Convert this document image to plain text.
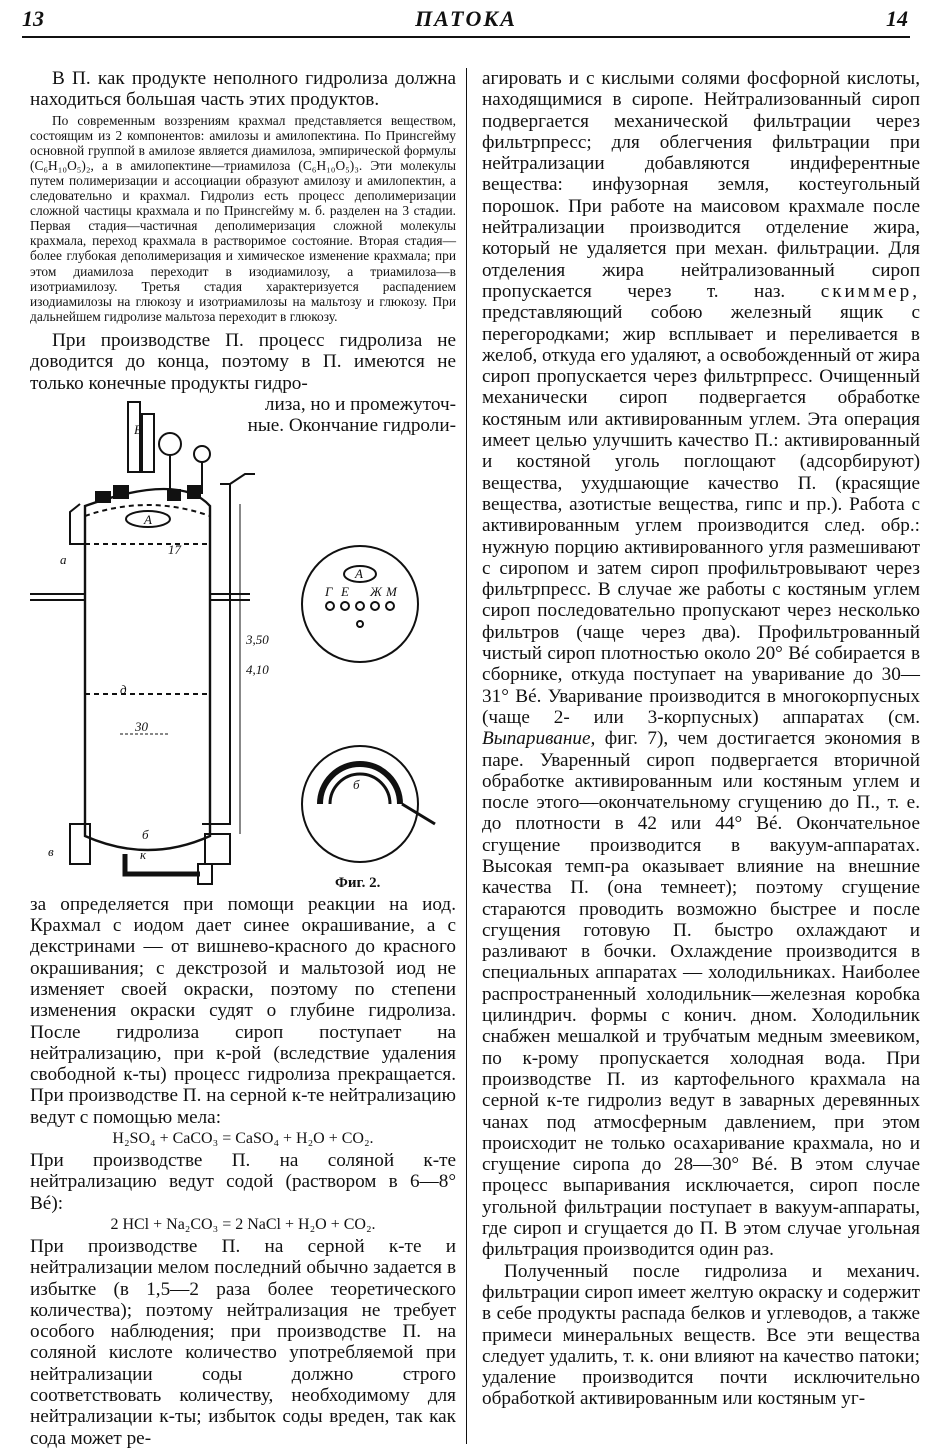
13	ПАТОКА	14

В П. как продукте неполного гидролиза должна находиться большая часть этих продуктов.

По современным воззрениям крахмал представляется веществом, состоящим из 2 компонентов: амилозы и амилопектина. По Принсгейму основной группой в амилозе является диамилоза, эмпирической формулы (C₆H₁₀O₅)₂, а в амилопектине—триамилоза (C₆H₁₀O₅)₃. Эти молекулы путем полимеризации и ассоциации образуют амилозу и амилопектин, а следовательно и крахмал. Гидролиз есть процесс деполимеризации сложной частицы крахмала и по Принсгейму м. б. разделен на 3 стадии. Первая стадия—частичная деполимеризация сложной молекулы крахмала, переход крахмала в растворимое состояние. Вторая стадия—более глубокая деполимеризация и химическое изменение крахмала; при этом диамилоза переходит в изодиамилозу, а триамилоза—в изотриамилозу. Третья стадия характеризуется распадением изодиамилозы на глюкозу и изотриамилозы на мальтозу и глюкозу. При дальнейшем гидролизе мальтоза переходит в глюкозу.

При производстве П. процесс гидролиза не доводится до конца, поэтому в П. имеются не только конечные продукты гидро-

лиза, но и промежуточ-
ные. Окончание гидроли-
В
А
а
д
б
в	к
17
30
3,50
4,10
А
Г Е Ж М
б
Фиг. 2.

за определяется при помощи реакции на иод. Крахмал с иодом дает синее окрашивание, а с декстринами — от вишнево-красного до красного окрашивания; с декстрозой и мальтозой иод не изменяет своей окраски, поэтому по степени изменения окраски судят о глубине гидролиза. После гидролиза сироп поступает на нейтрализацию, при к-рой (вследствие удаления свободной к-ты) процесс гидролиза прекращается. При производстве П. на серной к-те нейтрализацию ведут с помощью мела:

H₂SO₄ + CaCO₃ = CaSO₄ + H₂O + CO₂.

При производстве П. на соляной к-те нейтрализацию ведут содой (раствором в 6—8° Bé):

2 HCl + Na₂CO₃ = 2 NaCl + H₂O + CO₂.

При производстве П. на серной к-те и нейтрализации мелом последний обычно задается в избытке (в 1,5—2 раза более теоретического количества); поэтому нейтрализация не требует особого наблюдения; при производстве П. на соляной кислоте количество употребляемой при нейтрализации соды должно строго соответствовать количеству, необходимому для нейтрализации к-ты; избыток соды вреден, так как сода может ре-

агировать и с кислыми солями фосфорной кислоты, находящимися в сиропе. Нейтрализованный сироп подвергается механической фильтрации через фильтрпресс; для облегчения фильтрации при нейтрализации добавляются индиферентные вещества: инфузорная земля, костеугольный порошок. При работе на маисовом крахмале после нейтрализации производится отделение жира, который не удаляется при механ. фильтрации. Для отделения жира нейтрализованный сироп пропускается через т. наз. скиммер, представляющий собою железный ящик с перегородками; жир всплывает и переливается в желоб, откуда его удаляют, а освобожденный от жира сироп пропускается через фильтрпресс. Очищенный механически сироп подвергается обработке костяным или активированным углем. Эта операция имеет целью улучшить качество П.: активированный и костяной уголь поглощают (адсорбируют) вещества, ухудшающие качество П. (красящие вещества, азотистые вещества, гипс и пр.). Работа с активированным углем производится след. обр.: нужную порцию активированного угля размешивают с сиропом и затем сироп профильтровывают через фильтрпресс. В случае же работы с костяным углем сироп последовательно пропускают через несколько фильтров (чаще через два). Профильтрованный чистый сироп плотностью около 20° Bé собирается в сборнике, откуда поступает на уваривание до 30—31° Bé. Уваривание производится в многокорпусных (чаще 2- или 3-корпусных) аппаратах (см. Выпаривание, фиг. 7), чем достигается экономия в паре. Уваренный сироп подвергается вторичной обработке активированным или костяным углем и после этого—окончательному сгущению до П., т. е. до плотности в 42 или 44° Bé. Окончательное сгущение производится в вакуум-аппаратах. Высокая темп-ра оказывает влияние на внешние качества П. (она темнеет); поэтому сгущение стараются проводить возможно быстрее и после сгущения готовую П. быстро охлаждают и разливают в бочки. Охлаждение производится в специальных аппаратах — холодильниках. Наиболее распространенный холодильник—железная коробка цилиндрич. формы с конич. дном. Холодильник снабжен мешалкой и трубчатым медным змеевиком, по к-рому пропускается холодная вода. При производстве П. из картофельного крахмала на серной к-те гидролиз ведут в заварных деревянных чанах под атмосферным давлением, при этом происходит не только осахаривание крахмала, но и сгущение сиропа до 28—30° Bé. В этом случае процесс выпаривания исключается, сироп после угольной фильтрации поступает в вакуум-аппараты, где сироп и сгущается до П. В этом случае угольная фильтрация производится один раз.

Полученный после гидролиза и механич. фильтрации сироп имеет желтую окраску и содержит в себе продукты распада белков и углеводов, а также примеси минеральных веществ. Все эти вещества следует удалить, т. к. они влияют на качество патоки; удаление производится почти исключительно обработкой активированным или костяным уг-
